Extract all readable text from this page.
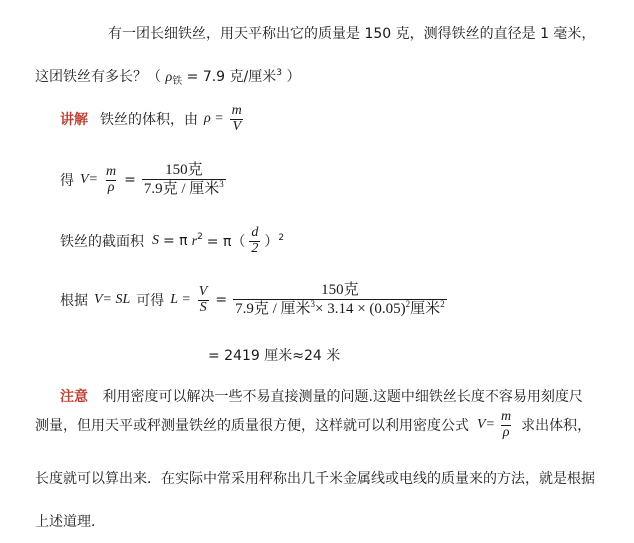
有一团长细铁丝，用天平称出它的质量是 150 克，测得铁丝的直径是 1 毫米，
这团铁丝有多长？（ $\rho_铁 = 7.9$ 克/厘米$^3$ ）
讲解 铁丝的体积，由 $\rho = \frac{m}{V}$
得 $V= \frac{m}{\rho} = \frac{\text{150克}}{7.9克 / 厘米^3}$
铁丝的截面积 S = π $r^2 = \pi( \frac{d}{2} )^2$
根据 V= SL 可得 $L = \frac{V}{S} = \frac{\text{150克}}{7.9克 / 厘米^3\times 3.14 \times (0.05)^2厘米^2}$
= 2419 厘米≈24 米
注意 利用密度可以解决一些不易直接测量的问题.这题中细铁丝长度不容易用刻度尺
测量，但用天平或秤测量铁丝的质量很方便，这样就可以利用密度公式 $V= \frac{m}{\rho}$ 求出体积，
长度就可以算出来．在实际中常采用秤称出几千米金属线或电线的质量来的方法，就是根据
上述道理．
